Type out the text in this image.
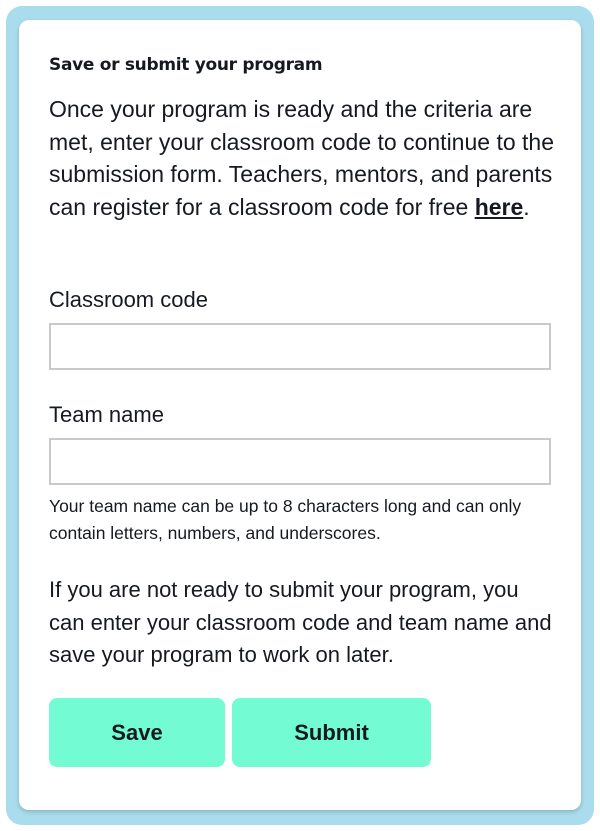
Save or submit your program

Once your program is ready and the criteria are met, enter your classroom code to continue to the submission form. Teachers, mentors, and parents can register for a classroom code for free here.

Classroom code
Team name

Your team name can be up to 8 characters long and can only contain letters, numbers, and underscores.

If you are not ready to submit your program, you can enter your classroom code and team name and save your program to work on later.

Save	Submit
